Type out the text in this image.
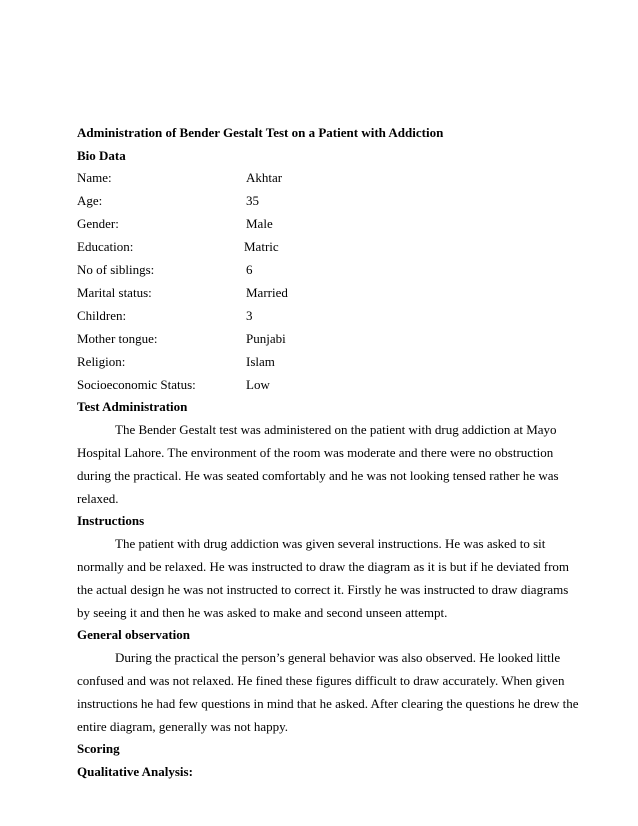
Administration of Bender Gestalt Test on a Patient with Addiction
Bio Data
Name:	Akhtar
Age:	35
Gender:	Male
Education:	Matric
No of siblings:	6
Marital status:	Married
Children:	3
Mother tongue:	Punjabi
Religion:	Islam
Socioeconomic Status:	Low
Test Administration
The Bender Gestalt test was administered on the patient with drug addiction at Mayo
Hospital Lahore. The environment of the room was moderate and there were no obstruction
during the practical. He was seated comfortably and he was not looking tensed rather he was
relaxed.
Instructions
The patient with drug addiction was given several instructions. He was asked to sit
normally and be relaxed. He was instructed to draw the diagram as it is but if he deviated from
the actual design he was not instructed to correct it. Firstly he was instructed to draw diagrams
by seeing it and then he was asked to make and second unseen attempt.
General observation
During the practical the person’s general behavior was also observed. He looked little
confused and was not relaxed. He fined these figures difficult to draw accurately. When given
instructions he had few questions in mind that he asked. After clearing the questions he drew the
entire diagram, generally was not happy.
Scoring
Qualitative Analysis:
